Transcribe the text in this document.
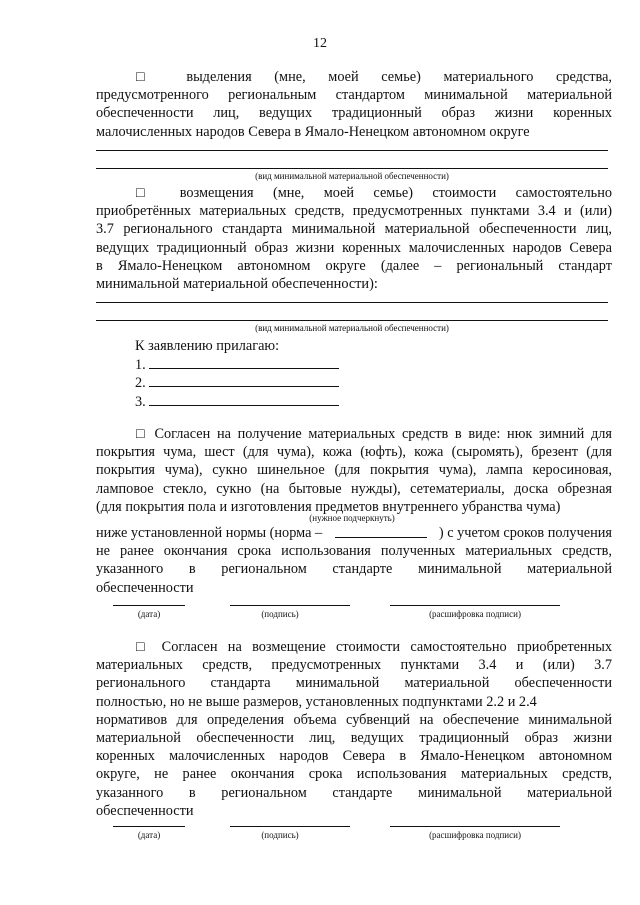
12
□ выделения (мне, моей семье) материального средства,
предусмотренного региональным стандартом минимальной материальной
обеспеченности лиц, ведущих традиционный образ жизни коренных
малочисленных народов Севера в Ямало-Ненецком автономном округе
(вид минимальной материальной обеспеченности)
□ возмещения (мне, моей семье) стоимости самостоятельно
приобретённых материальных средств, предусмотренных пунктами 3.4 и (или)
3.7 регионального стандарта минимальной материальной обеспеченности лиц,
ведущих традиционный образ жизни коренных малочисленных народов Севера
в Ямало-Ненецком автономном округе (далее – региональный стандарт
минимальной материальной обеспеченности):
(вид минимальной материальной обеспеченности)
К заявлению прилагаю:
1.
2.
3.
□ Согласен на получение материальных средств в виде: нюк зимний для
покрытия чума, шест (для чума), кожа (юфть), кожа (сыромять), брезент (для
покрытия чума), сукно шинельное (для покрытия чума), лампа керосиновая,
ламповое стекло, сукно (на бытовые нужды), сетематериалы, доска обрезная
(для покрытия пола и изготовления предметов внутреннего убранства чума)
(нужное подчеркнуть)
ниже установленной нормы (норма –	) с учетом сроков получения
не ранее окончания срока использования полученных материальных средств,
указанного в региональном стандарте минимальной материальной
обеспеченности
(дата)	(подпись)	(расшифровка подписи)
□ Согласен на возмещение стоимости самостоятельно приобретенных
материальных средств, предусмотренных пунктами 3.4 и (или) 3.7
регионального стандарта минимальной материальной обеспеченности
полностью, но не выше размеров, установленных подпунктами 2.2 и 2.4
нормативов для определения объема субвенций на обеспечение минимальной
материальной обеспеченности лиц, ведущих традиционный образ жизни
коренных малочисленных народов Севера в Ямало-Ненецком автономном
округе, не ранее окончания срока использования материальных средств,
указанного в региональном стандарте минимальной материальной
обеспеченности
(дата)	(подпись)	(расшифровка подписи)
